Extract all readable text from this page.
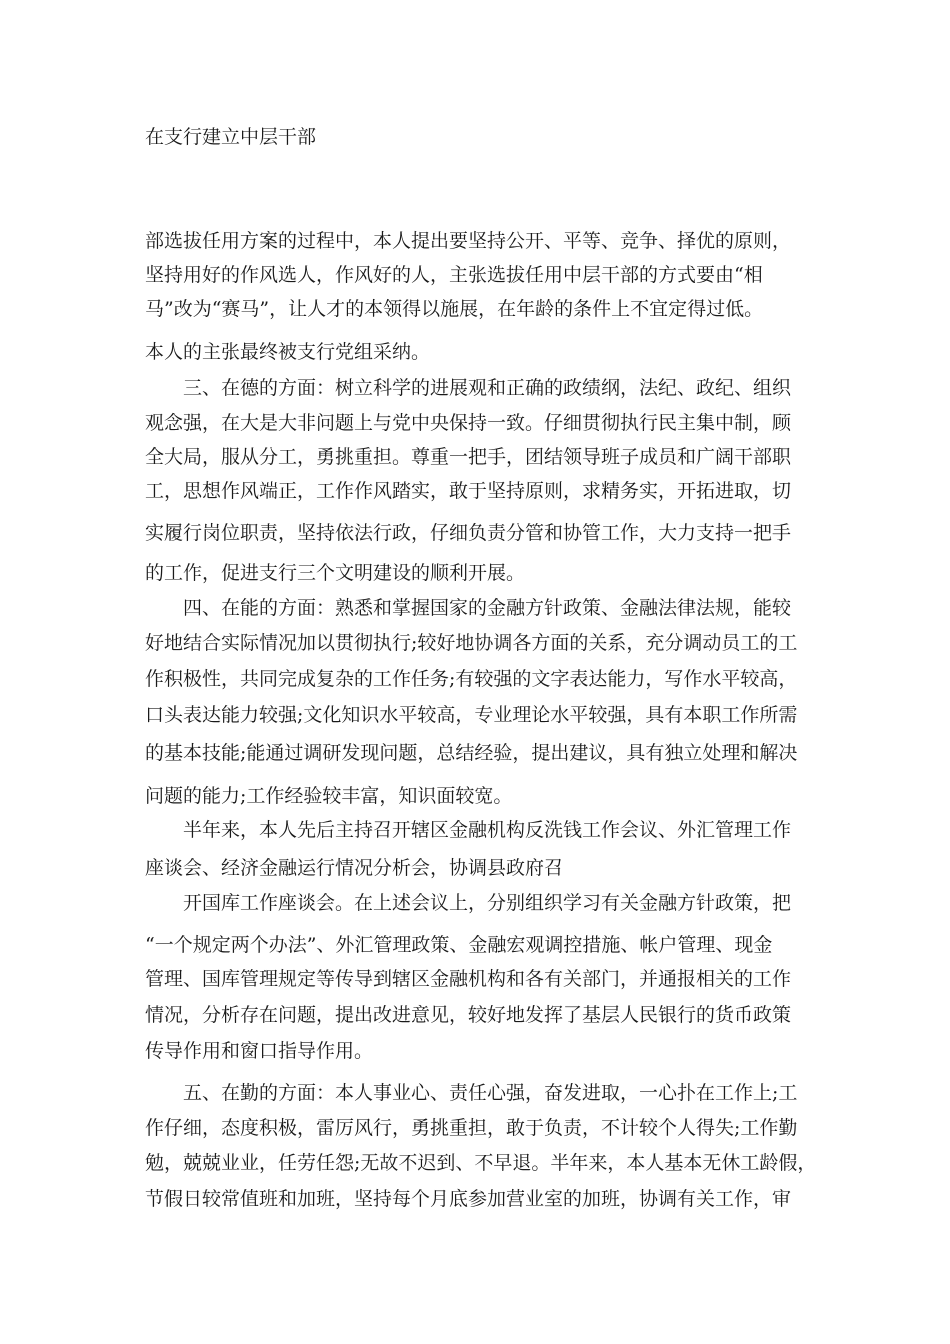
在支行建立中层干部
部选拔任用方案的过程中，本人提出要坚持公开、平等、竞争、择优的原则，
坚持用好的作风选人，作风好的人，主张选拔任用中层干部的方式要由“相
马”改为“赛马”，让人才的本领得以施展，在年龄的条件上不宜定得过低。
本人的主张最终被支行党组采纳。
三、在德的方面：树立科学的进展观和正确的政绩纲，法纪、政纪、组织
观念强，在大是大非问题上与党中央保持一致。仔细贯彻执行民主集中制，顾
全大局，服从分工，勇挑重担。尊重一把手，团结领导班子成员和广阔干部职
工，思想作风端正，工作作风踏实，敢于坚持原则，求精务实，开拓进取，切
实履行岗位职责，坚持依法行政，仔细负责分管和协管工作，大力支持一把手
的工作，促进支行三个文明建设的顺利开展。
四、在能的方面：熟悉和掌握国家的金融方针政策、金融法律法规，能较
好地结合实际情况加以贯彻执行;较好地协调各方面的关系，充分调动员工的工
作积极性，共同完成复杂的工作任务;有较强的文字表达能力，写作水平较高，
口头表达能力较强;文化知识水平较高，专业理论水平较强，具有本职工作所需
的基本技能;能通过调研发现问题，总结经验，提出建议，具有独立处理和解决
问题的能力;工作经验较丰富，知识面较宽。
半年来，本人先后主持召开辖区金融机构反洗钱工作会议、外汇管理工作
座谈会、经济金融运行情况分析会，协调县政府召
开国库工作座谈会。在上述会议上，分别组织学习有关金融方针政策，把
“一个规定两个办法”、外汇管理政策、金融宏观调控措施、帐户管理、现金
管理、国库管理规定等传导到辖区金融机构和各有关部门，并通报相关的工作
情况，分析存在问题，提出改进意见，较好地发挥了基层人民银行的货币政策
传导作用和窗口指导作用。
五、在勤的方面：本人事业心、责任心强，奋发进取，一心扑在工作上;工
作仔细，态度积极，雷厉风行，勇挑重担，敢于负责，不计较个人得失;工作勤
勉，兢兢业业，任劳任怨;无故不迟到、不早退。半年来，本人基本无休工龄假，
节假日较常值班和加班，坚持每个月底参加营业室的加班，协调有关工作，审
